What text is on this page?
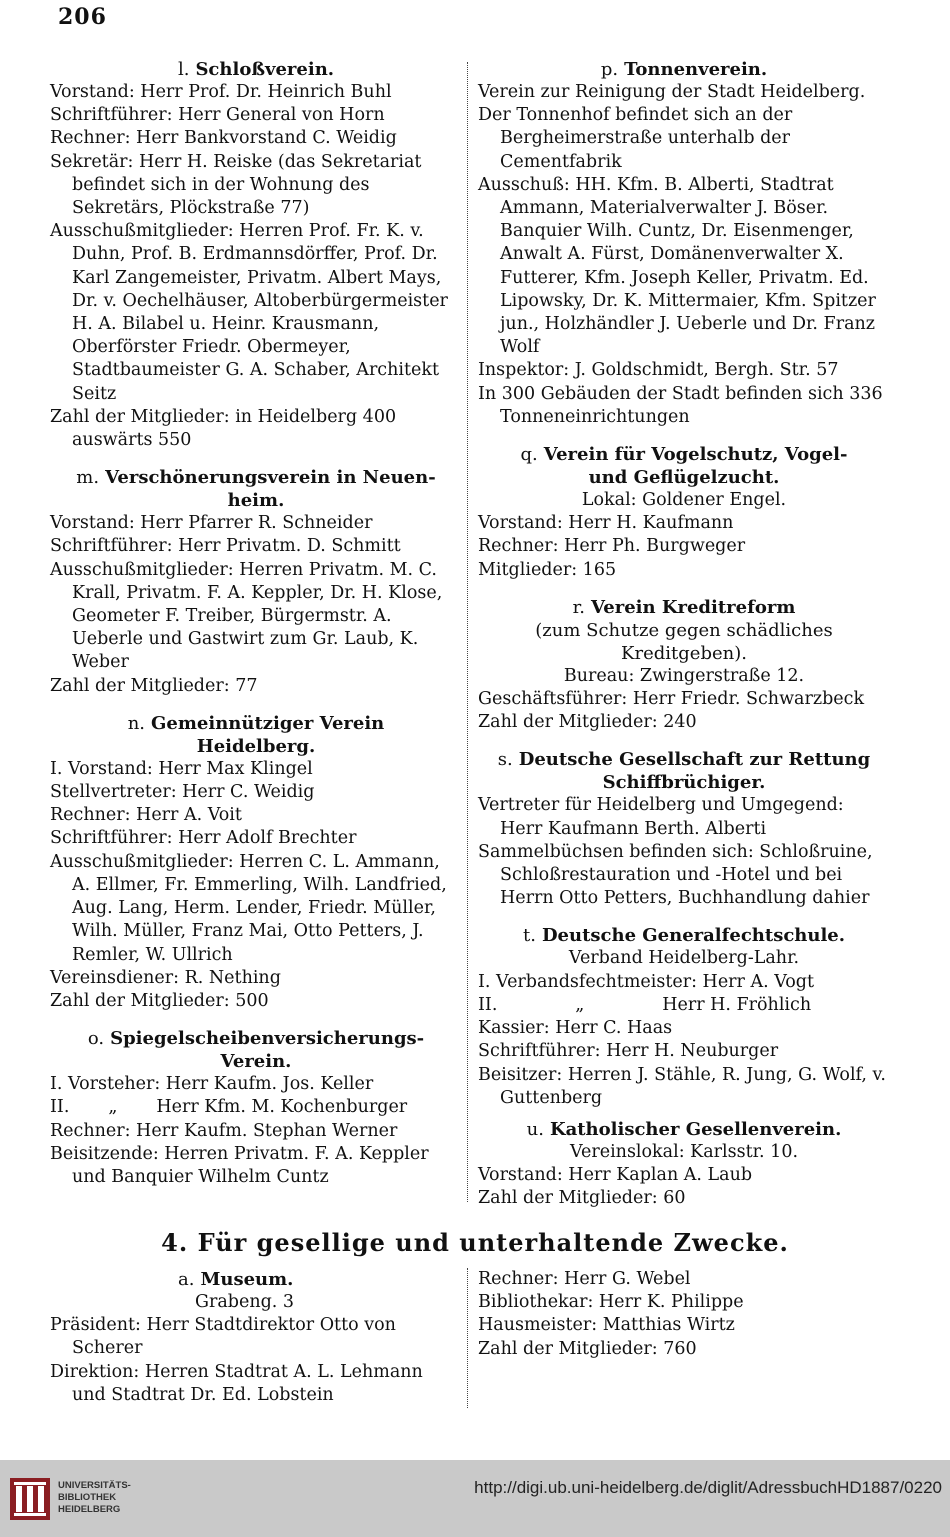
206

l. Schloßverein.

Vorstand: Herr Prof. Dr. Heinrich Buhl

Schriftführer: Herr General von Horn

Rechner: Herr Bankvorstand C. Weidig

Sekretär: Herr H. Reiske (das Sekretariat befindet sich in der Wohnung des Sekretärs, Plöckstraße 77)

Ausschußmitglieder: Herren Prof. Fr. K. v. Duhn, Prof. B. Erdmannsdörffer, Prof. Dr. Karl Zangemeister, Privatm. Albert Mays, Dr. v. Oechelhäuser, Altoberbürgermeister H. A. Bilabel u. Heinr. Krausmann, Oberförster Friedr. Obermeyer, Stadtbaumeister G. A. Schaber, Architekt Seitz

Zahl der Mitglieder: in Heidelberg 400 auswärts 550

m. Verschönerungsverein in Neuen-
heim.

Vorstand: Herr Pfarrer R. Schneider

Schriftführer: Herr Privatm. D. Schmitt

Ausschußmitglieder: Herren Privatm. M. C. Krall, Privatm. F. A. Keppler, Dr. H. Klose, Geometer F. Treiber, Bürgermstr. A. Ueberle und Gastwirt zum Gr. Laub, K. Weber

Zahl der Mitglieder: 77

n. Gemeinnütziger Verein
Heidelberg.

I. Vorstand: Herr Max Klingel

Stellvertreter: Herr C. Weidig

Rechner: Herr A. Voit

Schriftführer: Herr Adolf Brechter

Ausschußmitglieder: Herren C. L. Ammann, A. Ellmer, Fr. Emmerling, Wilh. Landfried, Aug. Lang, Herm. Lender, Friedr. Müller, Wilh. Müller, Franz Mai, Otto Petters, J. Remler, W. Ullrich

Vereinsdiener: R. Nething

Zahl der Mitglieder: 500

o. Spiegelscheibenversicherungs-
Verein.

I. Vorsteher: Herr Kaufm. Jos. Keller

II.       „       Herr Kfm. M. Kochenburger

Rechner: Herr Kaufm. Stephan Werner

Beisitzende: Herren Privatm. F. A. Keppler und Banquier Wilhelm Cuntz

p. Tonnenverein.

Verein zur Reinigung der Stadt Heidelberg.

Der Tonnenhof befindet sich an der Bergheimerstraße unterhalb der Cementfabrik

Ausschuß: HH. Kfm. B. Alberti, Stadtrat Ammann, Materialverwalter J. Böser. Banquier Wilh. Cuntz, Dr. Eisenmenger, Anwalt A. Fürst, Domänenverwalter X. Futterer, Kfm. Joseph Keller, Privatm. Ed. Lipowsky, Dr. K. Mittermaier, Kfm. Spitzer jun., Holzhändler J. Ueberle und Dr. Franz Wolf

Inspektor: J. Goldschmidt, Bergh. Str. 57

In 300 Gebäuden der Stadt befinden sich 336 Tonneneinrichtungen

q. Verein für Vogelschutz, Vogel-
und Geflügelzucht.

Lokal: Goldener Engel.

Vorstand: Herr H. Kaufmann

Rechner: Herr Ph. Burgweger

Mitglieder: 165

r. Verein Kreditreform
(zum Schutze gegen schädliches Kreditgeben).

Bureau: Zwingerstraße 12.

Geschäftsführer: Herr Friedr. Schwarzbeck

Zahl der Mitglieder: 240

s. Deutsche Gesellschaft zur Rettung
Schiffbrüchiger.

Vertreter für Heidelberg und Umgegend: Herr Kaufmann Berth. Alberti

Sammelbüchsen befinden sich: Schloßruine, Schloßrestauration und -Hotel und bei Herrn Otto Petters, Buchhandlung dahier

t. Deutsche Generalfechtschule.

Verband Heidelberg-Lahr.

I. Verbandsfechtmeister: Herr A. Vogt

II.              „              Herr H. Fröhlich

Kassier: Herr C. Haas

Schriftführer: Herr H. Neuburger

Beisitzer: Herren J. Stähle, R. Jung, G. Wolf, v. Guttenberg

u. Katholischer Gesellenverein.

Vereinslokal: Karlsstr. 10.

Vorstand: Herr Kaplan A. Laub

Zahl der Mitglieder: 60

4. Für gesellige und unterhaltende Zwecke.

a. Museum.

Grabeng. 3

Präsident: Herr Stadtdirektor Otto von Scherer

Direktion: Herren Stadtrat A. L. Lehmann und Stadtrat Dr. Ed. Lobstein

Rechner: Herr G. Webel

Bibliothekar: Herr K. Philippe

Hausmeister: Matthias Wirtz

Zahl der Mitglieder: 760

UNIVERSITÄTS-
BIBLIOTHEK
HEIDELBERG
http://digi.ub.uni-heidelberg.de/diglit/AdressbuchHD1887/0220
